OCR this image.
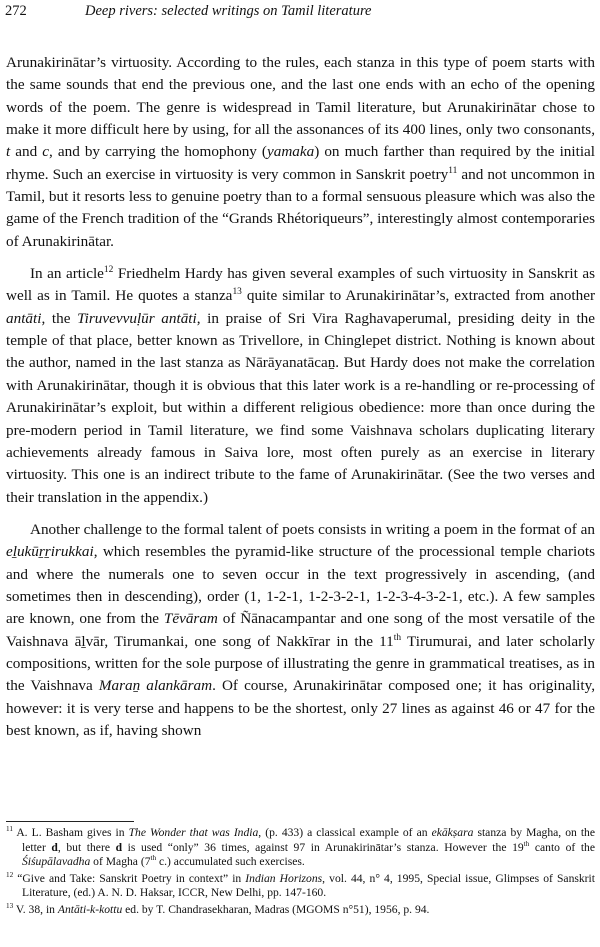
272	Deep rivers: selected writings on Tamil literature

Arunakirinātar’s virtuosity. According to the rules, each stanza in this type of poem starts with the same sounds that end the previous one, and the last one ends with an echo of the opening words of the poem. The genre is widespread in Tamil literature, but Arunakirinātar chose to make it more difficult here by using, for all the assonances of its 400 lines, only two consonants, t and c, and by carrying the homophony (yamaka) on much farther than required by the initial rhyme. Such an exercise in virtuosity is very common in Sanskrit poetry$^{11}$ and not uncommon in Tamil, but it resorts less to genuine poetry than to a formal sensuous pleasure which was also the game of the French tradition of the “Grands Rhétoriqueurs”, interestingly almost contemporaries of Arunakirinātar.

In an article$^{12}$ Friedhelm Hardy has given several examples of such virtuosity in Sanskrit as well as in Tamil. He quotes a stanza$^{13}$ quite similar to Arunakirinātar’s, extracted from another antāti, the Tiruvevvuḷūr antāti, in praise of Sri Vira Raghavaperumal, presiding deity in the temple of that place, better known as Trivellore, in Chinglepet district. Nothing is known about the author, named in the last stanza as Nārāyanatācaṉ. But Hardy does not make the correlation with Arunakirinātar, though it is obvious that this later work is a re-handling or re-processing of Arunakirinātar’s exploit, but within a different religious obedience: more than once during the pre-modern period in Tamil literature, we find some Vaishnava scholars duplicating literary achievements already famous in Saiva lore, most often purely as an exercise in literary virtuosity. This one is an indirect tribute to the fame of Arunakirinātar. (See the two verses and their translation in the appendix.)

Another challenge to the formal talent of poets consists in writing a poem in the format of an eḻukūṟṟirukkai, which resembles the pyramid-like structure of the processional temple chariots and where the numerals one to seven occur in the text progressively in ascending, (and sometimes then in descending), order (1, 1-2-1, 1-2-3-2-1, 1-2-3-4-3-2-1, etc.). A few samples are known, one from the Tēvāram of Ñānacampantar and one song of the most versatile of the Vaishnava āḻvār, Tirumankai, one song of Nakkīrar in the 11th Tirumurai, and later scholarly compositions, written for the sole purpose of illustrating the genre in grammatical treatises, as in the Vaishnava Maraṉ alankāram. Of course, Arunakirinātar composed one; it has originality, however: it is very terse and happens to be the shortest, only 27 lines as against 46 or 47 for the best known, as if, having shown

$^{11}$ A. L. Basham gives in The Wonder that was India, (p. 433) a classical example of an ekākṣara stanza by Magha, on the letter d, but there d is used “only” 36 times, against 97 in Arunakirinātar’s stanza. However the 19th canto of the Śiśupālavadha of Magha (7th c.) accumulated such exercises.
$^{12}$ “Give and Take: Sanskrit Poetry in context” in Indian Horizons, vol. 44, n° 4, 1995, Special issue, Glimpses of Sanskrit Literature, (ed.) A. N. D. Haksar, ICCR, New Delhi, pp. 147-160.
$^{13}$ V. 38, in Antāti-k-kottu ed. by T. Chandrasekharan, Madras (MGOMS n°51), 1956, p. 94.
